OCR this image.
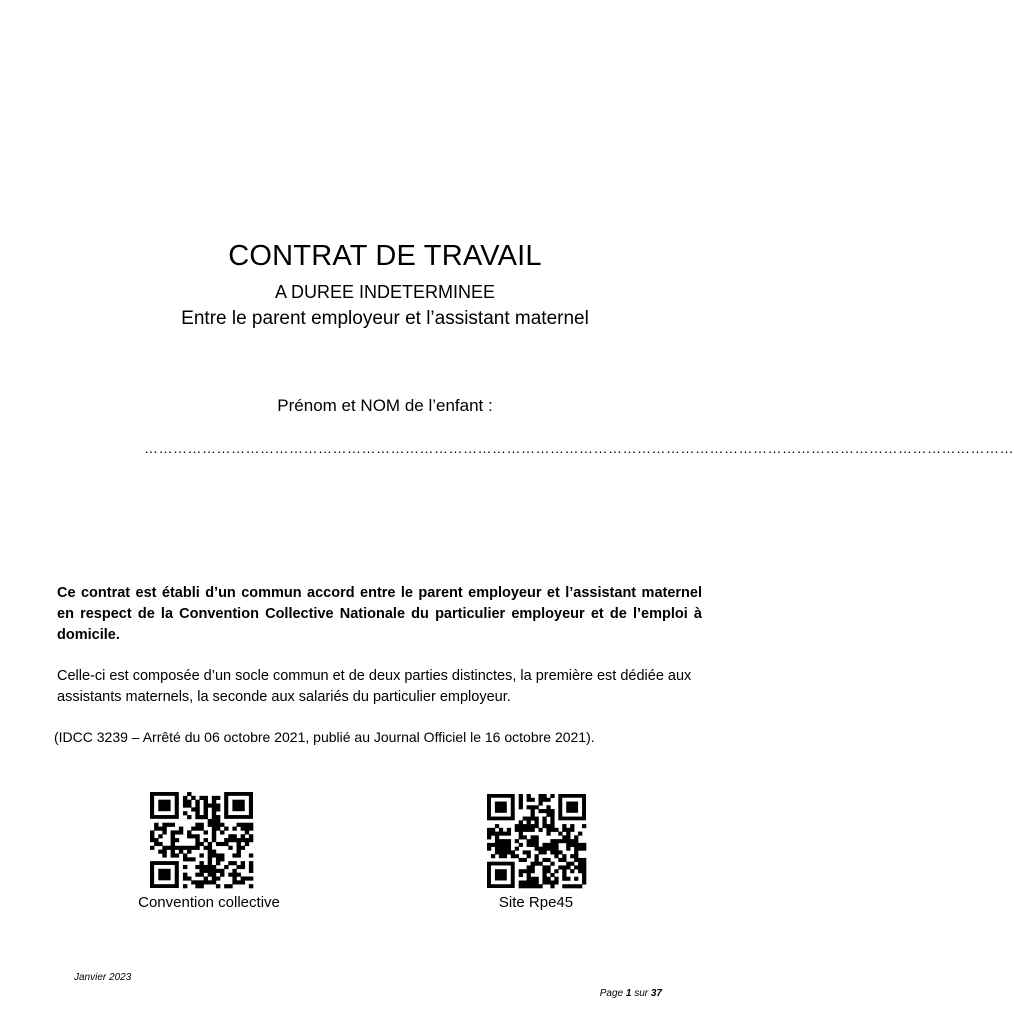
CONTRAT DE TRAVAIL
A DUREE INDETERMINEE
Entre le parent employeur et l’assistant maternel
Prénom et NOM de l’enfant :
………………………………………………………………………………………………………………………………………………………………
Ce contrat est établi d’un commun accord entre le parent employeur et l’assistant maternel en respect de la Convention Collective Nationale du particulier employeur et de l’emploi à domicile.
Celle-ci est composée d’un socle commun et de deux parties distinctes, la première est dédiée aux assistants maternels, la seconde aux salariés du particulier employeur.
(IDCC 3239 – Arrêté du 06 octobre 2021, publié au Journal Officiel le 16 octobre 2021).
Convention collective	Site Rpe45
Janvier 2023
Page 1 sur 37
